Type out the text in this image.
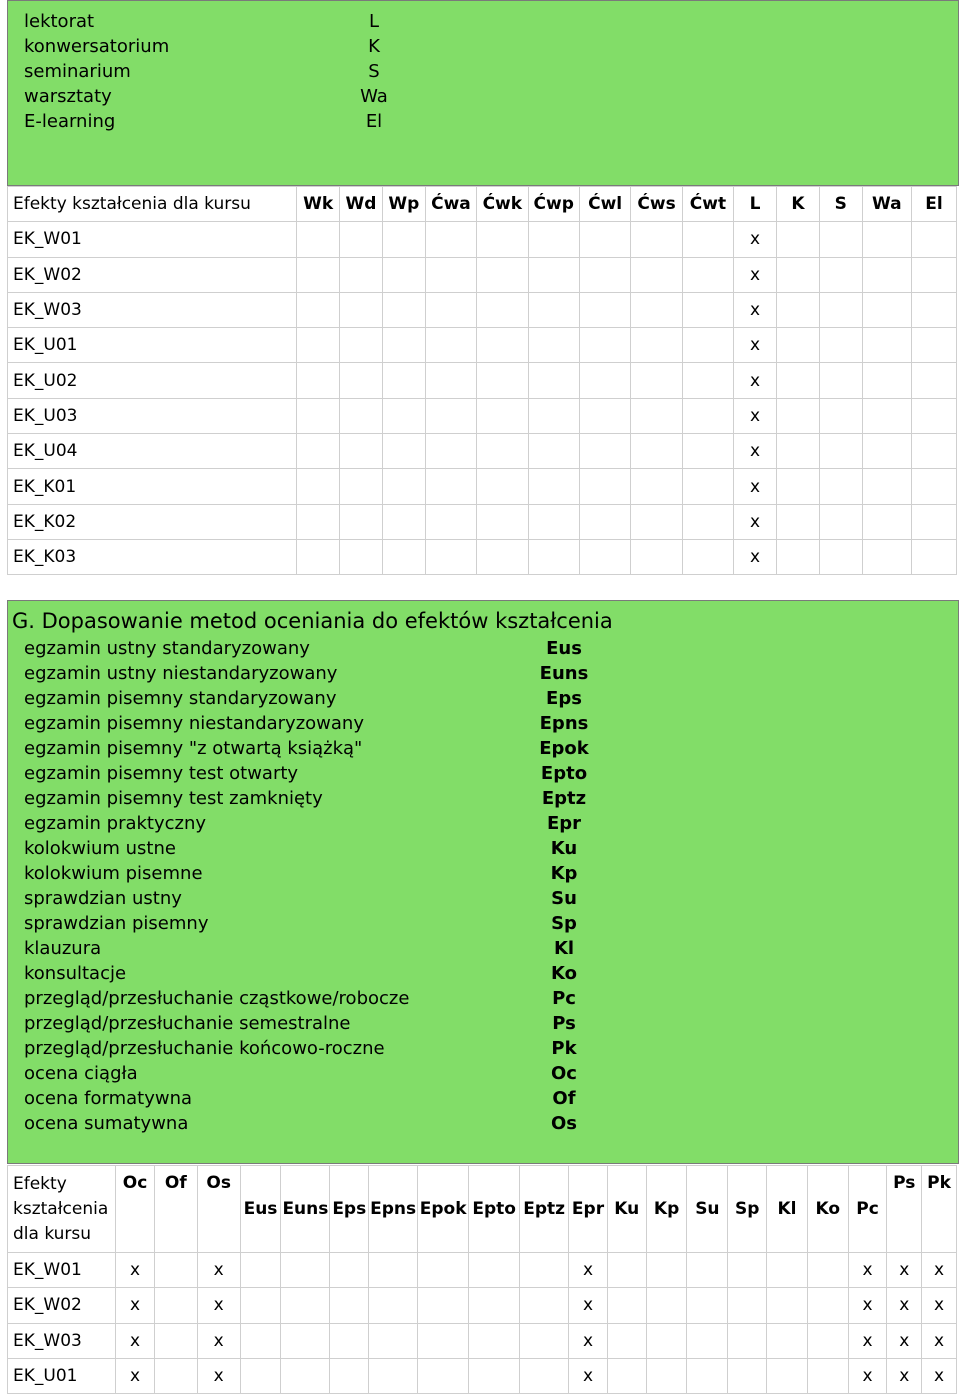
lektorat	L
konwersatorium	K
seminarium	S
warsztaty	Wa
E-learning	El
Efekty kształcenia dla kursu	Wk	Wd	Wp	Ćwa	Ćwk	Ćwp	Ćwl	Ćws	Ćwt	L	K	S	Wa	El
EK_W01										x				
EK_W02										x				
EK_W03										x				
EK_U01										x				
EK_U02										x				
EK_U03										x				
EK_U04										x				
EK_K01										x				
EK_K02										x				
EK_K03										x				
G. Dopasowanie metod oceniania do efektów kształcenia
egzamin ustny standaryzowany	Eus
egzamin ustny niestandaryzowany	Euns
egzamin pisemny standaryzowany	Eps
egzamin pisemny niestandaryzowany	Epns
egzamin pisemny "z otwartą książką"	Epok
egzamin pisemny test otwarty	Epto
egzamin pisemny test zamknięty	Eptz
egzamin praktyczny	Epr
kolokwium ustne	Ku
kolokwium pisemne	Kp
sprawdzian ustny	Su
sprawdzian pisemny	Sp
klauzura	Kl
konsultacje	Ko
przegląd/przesłuchanie cząstkowe/robocze	Pc
przegląd/przesłuchanie semestralne	Ps
przegląd/przesłuchanie końcowo-roczne	Pk
ocena ciągła	Oc
ocena formatywna	Of
ocena sumatywna	Os
Efekty kształcenia dla kursu	Oc	Of	Os	Eus	Euns	Eps	Epns	Epok	Epto	Eptz	Epr	Ku	Kp	Su	Sp	Kl	Ko	Pc	Ps	Pk
EK_W01	x		x								x							x	x	x
EK_W02	x		x								x							x	x	x
EK_W03	x		x								x							x	x	x
EK_U01	x		x								x							x	x	x
